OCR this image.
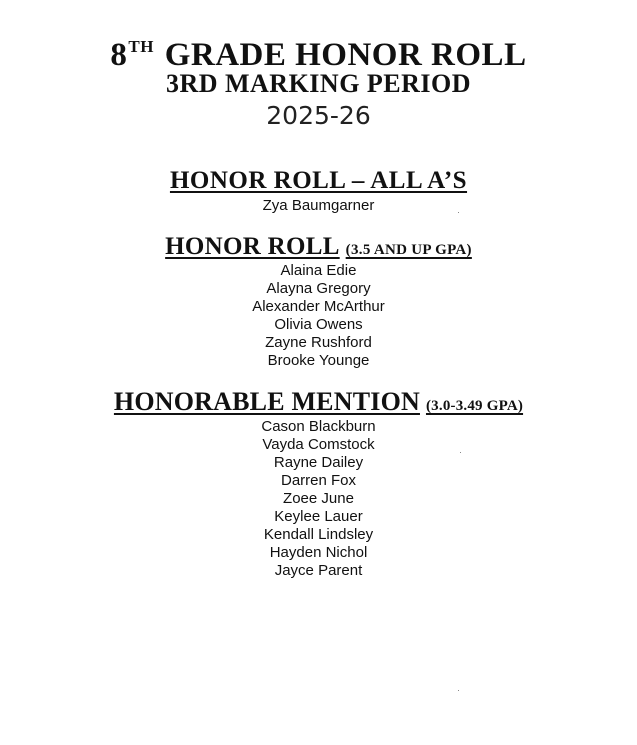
8TH GRADE HONOR ROLL
3RD MARKING PERIOD
2025-26
HONOR ROLL – ALL A’S
Zya Baumgarner
HONOR ROLL (3.5 AND UP GPA)
Alaina Edie
Alayna Gregory
Alexander McArthur
Olivia Owens
Zayne Rushford
Brooke Younge
HONORABLE MENTION (3.0-3.49 GPA)
Cason Blackburn
Vayda Comstock
Rayne Dailey
Darren Fox
Zoee June
Keylee Lauer
Kendall Lindsley
Hayden Nichol
Jayce Parent
